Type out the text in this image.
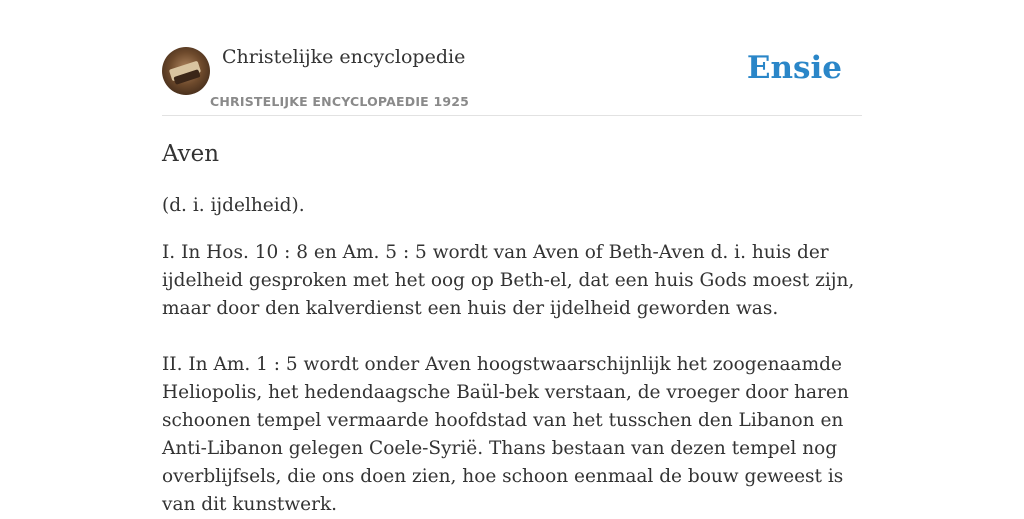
Christelijke encyclopedie
CHRISTELIJKE ENCYCLOPAEDIE 1925
Ensie
Aven

(d. i. ijdelheid).

I. In Hos. 10 : 8 en Am. 5 : 5 wordt van Aven of Beth-Aven d. i. huis der ijdelheid gesproken met het oog op Beth-el, dat een huis Gods moest zijn, maar door den kalverdienst een huis der ijdelheid geworden was.

II. In Am. 1 : 5 wordt onder Aven hoogstwaarschijnlijk het zoogenaamde Heliopolis, het hedendaagsche Baül-bek verstaan, de vroeger door haren schoonen tempel vermaarde hoofdstad van het tusschen den Libanon en Anti-Libanon gelegen Coele-Syrië. Thans bestaan van dezen tempel nog overblijfsels, die ons doen zien, hoe schoon eenmaal de bouw geweest is van dit kunstwerk.
